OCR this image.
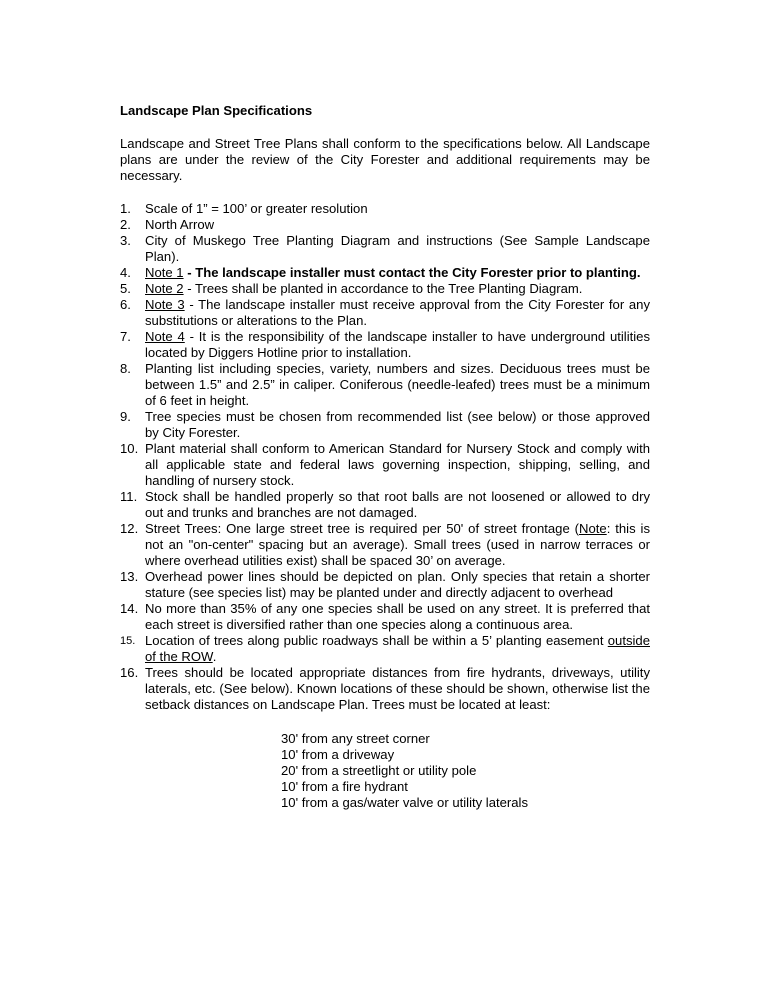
Landscape Plan Specifications

Landscape and Street Tree Plans shall conform to the specifications below. All Landscape plans are under the review of the City Forester and additional requirements may be necessary.

1. Scale of 1” = 100’ or greater resolution
2. North Arrow
3. City of Muskego Tree Planting Diagram and instructions (See Sample Landscape Plan).
4. Note 1 - The landscape installer must contact the City Forester prior to planting.
5. Note 2 - Trees shall be planted in accordance to the Tree Planting Diagram.
6. Note 3 - The landscape installer must receive approval from the City Forester for any substitutions or alterations to the Plan.
7. Note 4 - It is the responsibility of the landscape installer to have underground utilities located by Diggers Hotline prior to installation.
8. Planting list including species, variety, numbers and sizes. Deciduous trees must be between 1.5” and 2.5” in caliper. Coniferous (needle-leafed) trees must be a minimum of 6 feet in height.
9. Tree species must be chosen from recommended list (see below) or those approved by City Forester.
10. Plant material shall conform to American Standard for Nursery Stock and comply with all applicable state and federal laws governing inspection, shipping, selling, and handling of nursery stock.
11. Stock shall be handled properly so that root balls are not loosened or allowed to dry out and trunks and branches are not damaged.
12. Street Trees: One large street tree is required per 50' of street frontage (Note: this is not an "on-center" spacing but an average). Small trees (used in narrow terraces or where overhead utilities exist) shall be spaced 30’ on average.
13. Overhead power lines should be depicted on plan. Only species that retain a shorter stature (see species list) may be planted under and directly adjacent to overhead
14. No more than 35% of any one species shall be used on any street. It is preferred that each street is diversified rather than one species along a continuous area.
15. Location of trees along public roadways shall be within a 5’ planting easement outside of the ROW.
16. Trees should be located appropriate distances from fire hydrants, driveways, utility laterals, etc. (See below). Known locations of these should be shown, otherwise list the setback distances on Landscape Plan. Trees must be located at least:
30' from any street corner
10' from a driveway
20' from a streetlight or utility pole
10' from a fire hydrant
10' from a gas/water valve or utility laterals
